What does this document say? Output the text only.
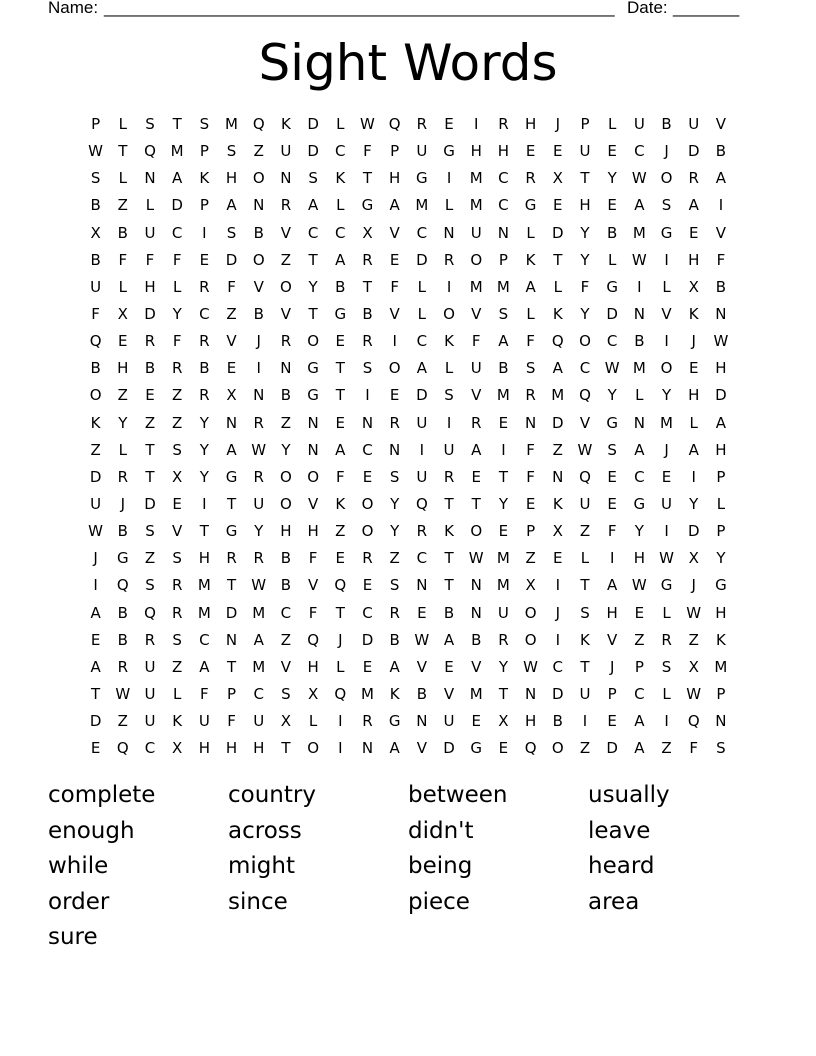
Name: ______________________________________________________ Date: _______
Sight Words
P L S T S M Q K D L W Q R E I R H J P L U B U V
W T Q M P S Z U D C F P U G H H E E U E C J D B
S L N A K H O N S K T H G I M C R X T Y W O R A
B Z L D P A N R A L G A M L M C G E H E A S A I
X B U C I S B V C C X V C N U N L D Y B M G E V
B F F F E D O Z T A R E D R O P K T Y L W I H F
U L H L R F V O Y B T F L I M M A L F G I L X B
F X D Y C Z B V T G B V L O V S L K Y D N V K N
Q E R F R V J R O E R I C K F A F Q O C B I J W
B H B R B E I N G T S O A L U B S A C W M O E H
O Z E Z R X N B G T I E D S V M R M Q Y L Y H D
K Y Z Z Y N R Z N E N R U I R E N D V G N M L A
Z L T S Y A W Y N A C N I U A I F Z W S A J A H
D R T X Y G R O O F E S U R E T F N Q E C E I P
U J D E I T U O V K O Y Q T T Y E K U E G U Y L
W B S V T G Y H H Z O Y R K O E P X Z F Y I D P
J G Z S H R R B F E R Z C T W M Z E L I H W X Y
I Q S R M T W B V Q E S N T N M X I T A W G J G
A B Q R M D M C F T C R E B N U O J S H E L W H
E B R S C N A Z Q J D B W A B R O I K V Z R Z K
A R U Z A T M V H L E A V E V Y W C T J P S X M
T W U L F P C S X Q M K B V M T N D U P C L W P
D Z U K U F U X L I R G N U E X H B I E A I Q N
E Q C X H H H T O I N A V D G E Q O Z D A Z F S
complete	country	between	usually
enough	across	didn't	leave
while	might	being	heard
order	since	piece	area
sure
